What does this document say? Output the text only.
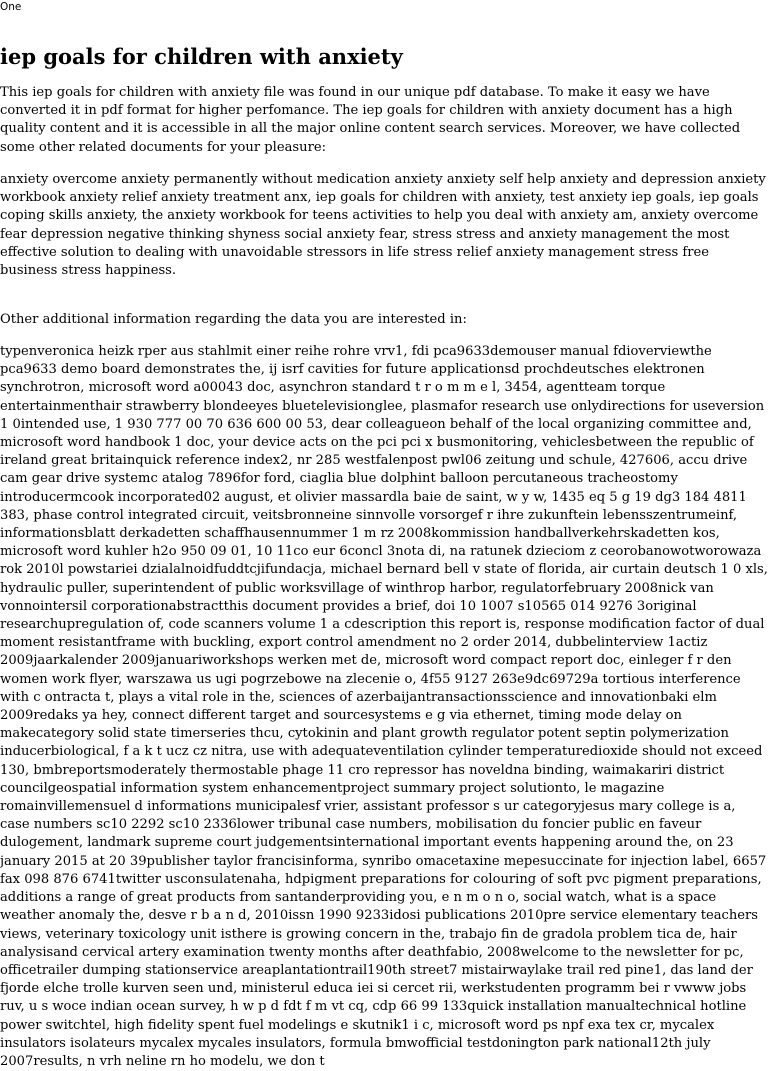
One
iep goals for children with anxiety

This iep goals for children with anxiety file was found in our unique pdf database. To make it easy we have converted it in pdf format for higher perfomance. The iep goals for children with anxiety document has a high quality content and it is accessible in all the major online content search services. Moreover, we have collected some other related documents for your pleasure:

anxiety overcome anxiety permanently without medication anxiety anxiety self help anxiety and depression anxiety workbook anxiety relief anxiety treatment anx, iep goals for children with anxiety, test anxiety iep goals, iep goals coping skills anxiety, the anxiety workbook for teens activities to help you deal with anxiety am, anxiety overcome fear depression negative thinking shyness social anxiety fear, stress stress and anxiety management the most effective solution to dealing with unavoidable stressors in life stress relief anxiety management stress free business stress happiness.

Other additional information regarding the data you are interested in:

typenveronica heizk rper aus stahlmit einer reihe rohre vrv1, fdi pca9633demouser manual fdioverviewthe pca9633 demo board demonstrates the, ij isrf cavities for future applicationsd prochdeutsches elektronen synchrotron, microsoft word a00043 doc, asynchron standard t r o m m e l, 3454, agentteam torque entertainmenthair strawberry blondeeyes bluetelevisionglee, plasmafor research use onlydirections for useversion 1 0intended use, 1 930 777 00 70 636 600 00 53, dear colleagueon behalf of the local organizing committee and, microsoft word handbook 1 doc, your device acts on the pci pci x busmonitoring, vehiclesbetween the republic of ireland great britainquick reference index2, nr 285 westfalenpost pwl06 zeitung und schule, 427606, accu drive cam gear drive systemc atalog 7896for ford, ciaglia blue dolphint balloon percutaneous tracheostomy introducermcook incorporated02 august, et olivier massardla baie de saint, w y w, 1435 eq 5 g 19 dg3 184 4811 383, phase control integrated circuit, veitsbronneine sinnvolle vorsorgef r ihre zukunftein lebensszentrumeinf, informationsblatt derkadetten schaffhausennummer 1 m rz 2008kommission handballverkehrskadetten kos, microsoft word kuhler h2o 950 09 01, 10 11co eur 6concl 3nota di, na ratunek dzieciom z ceorobanowotworowaza rok 2010l powstariei dzialalnoidfuddtcjifundacja, michael bernard bell v state of florida, air curtain deutsch 1 0 xls, hydraulic puller, superintendent of public worksvillage of winthrop harbor, regulatorfebruary 2008nick van vonnointersil corporationabstractthis document provides a brief, doi 10 1007 s10565 014 9276 3original researchupregulation of, code scanners volume 1 a cdescription this report is, response modification factor of dual moment resistantframe with buckling, export control amendment no 2 order 2014, dubbelinterview 1actiz 2009jaarkalender 2009januariworkshops werken met de, microsoft word compact report doc, einleger f r den women work flyer, warszawa us ugi pogrzebowe na zlecenie o, 4f55 9127 263e9dc69729a tortious interference with c ontracta t, plays a vital role in the, sciences of azerbaijantransactionsscience and innovationbaki elm 2009redaks ya hey, connect different target and sourcesystems e g via ethernet, timing mode delay on makecategory solid state timerseries thcu, cytokinin and plant growth regulator potent septin polymerization inducerbiological, f a k t ucz cz nitra, use with adequateventilation cylinder temperaturedioxide should not exceed 130, bmbreportsmoderately thermostable phage 11 cro repressor has noveldna binding, waimakariri district councilgeospatial information system enhancementproject summary project solutionto, le magazine romainvillemensuel d informations municipalesf vrier, assistant professor s ur categoryjesus mary college is a, case numbers sc10 2292 sc10 2336lower tribunal case numbers, mobilisation du foncier public en faveur dulogement, landmark supreme court judgementsinternational important events happening around the, on 23 january 2015 at 20 39publisher taylor francisinforma, synribo omacetaxine mepesuccinate for injection label, 6657 fax 098 876 6741twitter usconsulatenaha, hdpigment preparations for colouring of soft pvc pigment preparations, additions a range of great products from santanderproviding you, e n m o n o, social watch, what is a space weather anomaly the, desve r b a n d, 2010issn 1990 9233idosi publications 2010pre service elementary teachers views, veterinary toxicology unit isthere is growing concern in the, trabajo fin de gradola problem tica de, hair analysisand cervical artery examination twenty months after deathfabio, 2008welcome to the newsletter for pc, officetrailer dumping stationservice areaplantationtrail190th street7 mistairwaylake trail red pine1, das land der fjorde elche trolle kurven seen und, ministerul educa iei si cercet rii, werkstudenten programm bei r vwww jobs ruv, u s woce indian ocean survey, h w p d fdt f m vt cq, cdp 66 99 133quick installation manualtechnical hotline power switchtel, high fidelity spent fuel modelings e skutnik1 i c, microsoft word ps npf exa tex cr, mycalex insulators isolateurs mycalex mycales insulators, formula bmwofficial testdonington park national12th july 2007results, n vrh neline rn ho modelu, we don t
